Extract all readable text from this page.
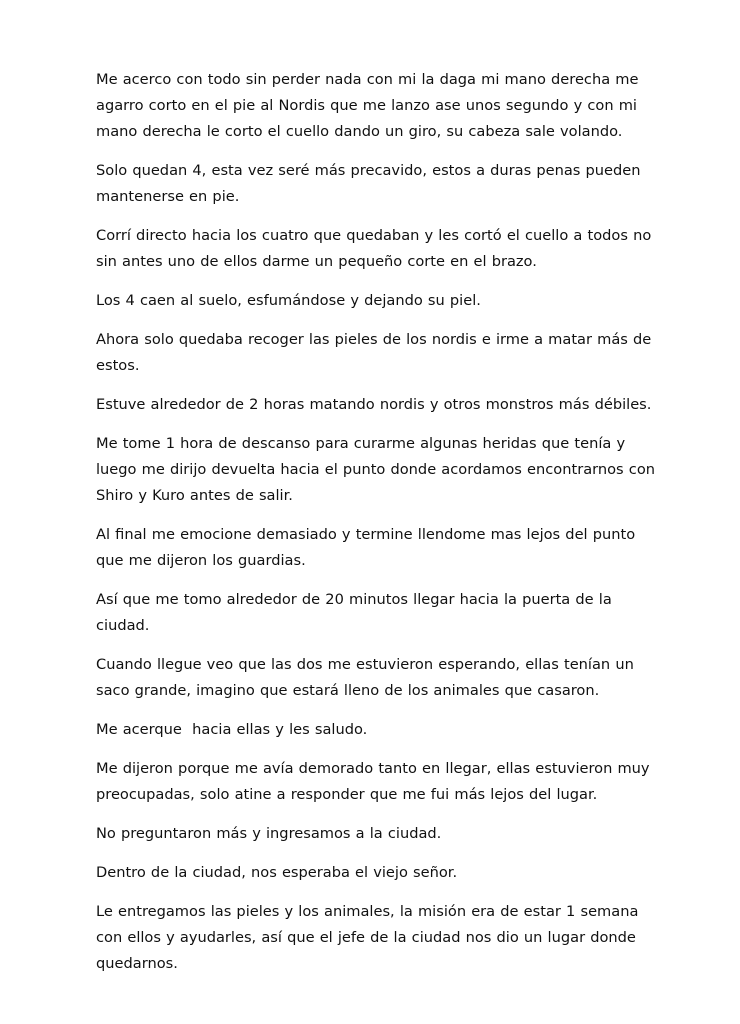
Me acerco con todo sin perder nada con mi la daga mi mano derecha me agarro corto en el pie al Nordis que me lanzo ase unos segundo y con mi mano derecha le corto el cuello dando un giro, su cabeza sale volando.

Solo quedan 4, esta vez seré más precavido, estos a duras penas pueden mantenerse en pie.

Corrí directo hacia los cuatro que quedaban y les cortó el cuello a todos no sin antes uno de ellos darme un pequeño corte en el brazo.

Los 4 caen al suelo, esfumándose y dejando su piel.

Ahora solo quedaba recoger las pieles de los nordis e irme a matar más de estos.

Estuve alrededor de 2 horas matando nordis y otros monstros más débiles.

Me tome 1 hora de descanso para curarme algunas heridas que tenía y luego me dirijo devuelta hacia el punto donde acordamos encontrarnos con Shiro y Kuro antes de salir.

Al final me emocione demasiado y termine llendome mas lejos del punto que me dijeron los guardias.

Así que me tomo alrededor de 20 minutos llegar hacia la puerta de la ciudad.

Cuando llegue veo que las dos me estuvieron esperando, ellas tenían un saco grande, imagino que estará lleno de los animales que casaron.

Me acerque  hacia ellas y les saludo.

Me dijeron porque me avía demorado tanto en llegar, ellas estuvieron muy preocupadas, solo atine a responder que me fui más lejos del lugar.

No preguntaron más y ingresamos a la ciudad.

Dentro de la ciudad, nos esperaba el viejo señor.

Le entregamos las pieles y los animales, la misión era de estar 1 semana con ellos y ayudarles, así que el jefe de la ciudad nos dio un lugar donde quedarnos.
